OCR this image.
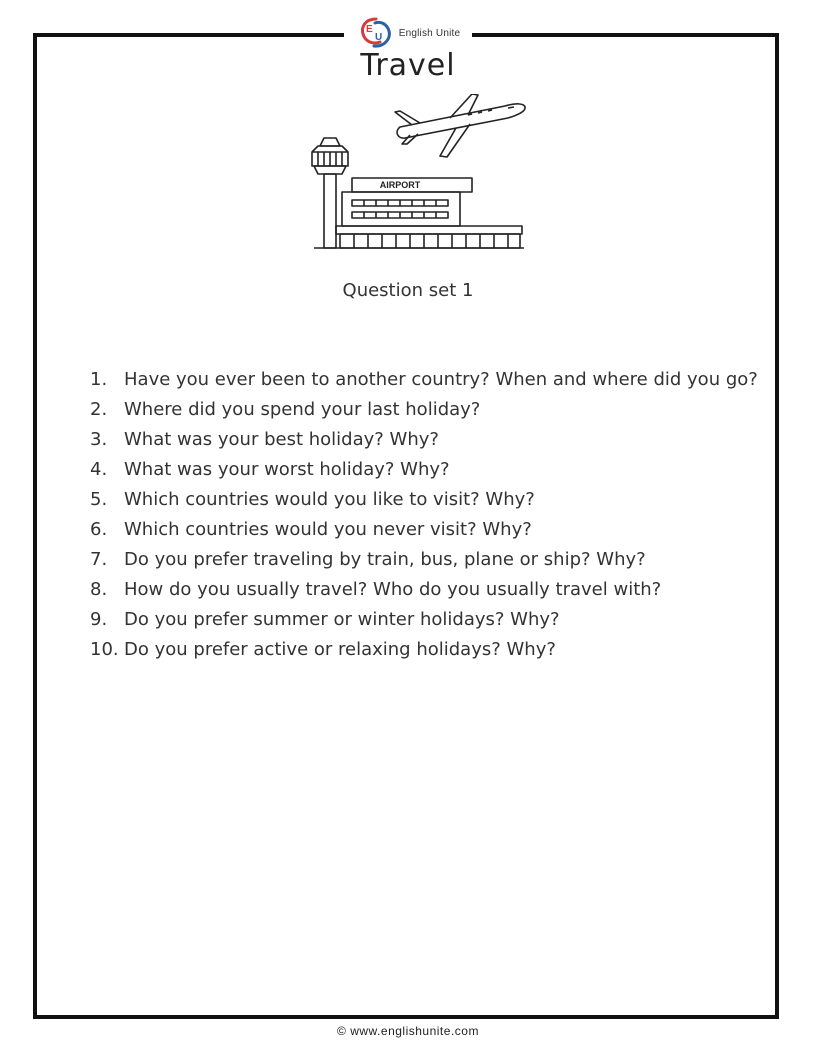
E
U English Unite
Travel
AIRPORT
Question set 1
1. Have you ever been to another country? When and where did you go?
2. Where did you spend your last holiday?
3. What was your best holiday? Why?
4. What was your worst holiday? Why?
5. Which countries would you like to visit? Why?
6. Which countries would you never visit? Why?
7. Do you prefer traveling by train, bus, plane or ship? Why?
8. How do you usually travel? Who do you usually travel with?
9. Do you prefer summer or winter holidays? Why?
10. Do you prefer active or relaxing holidays? Why?
© www.englishunite.com
